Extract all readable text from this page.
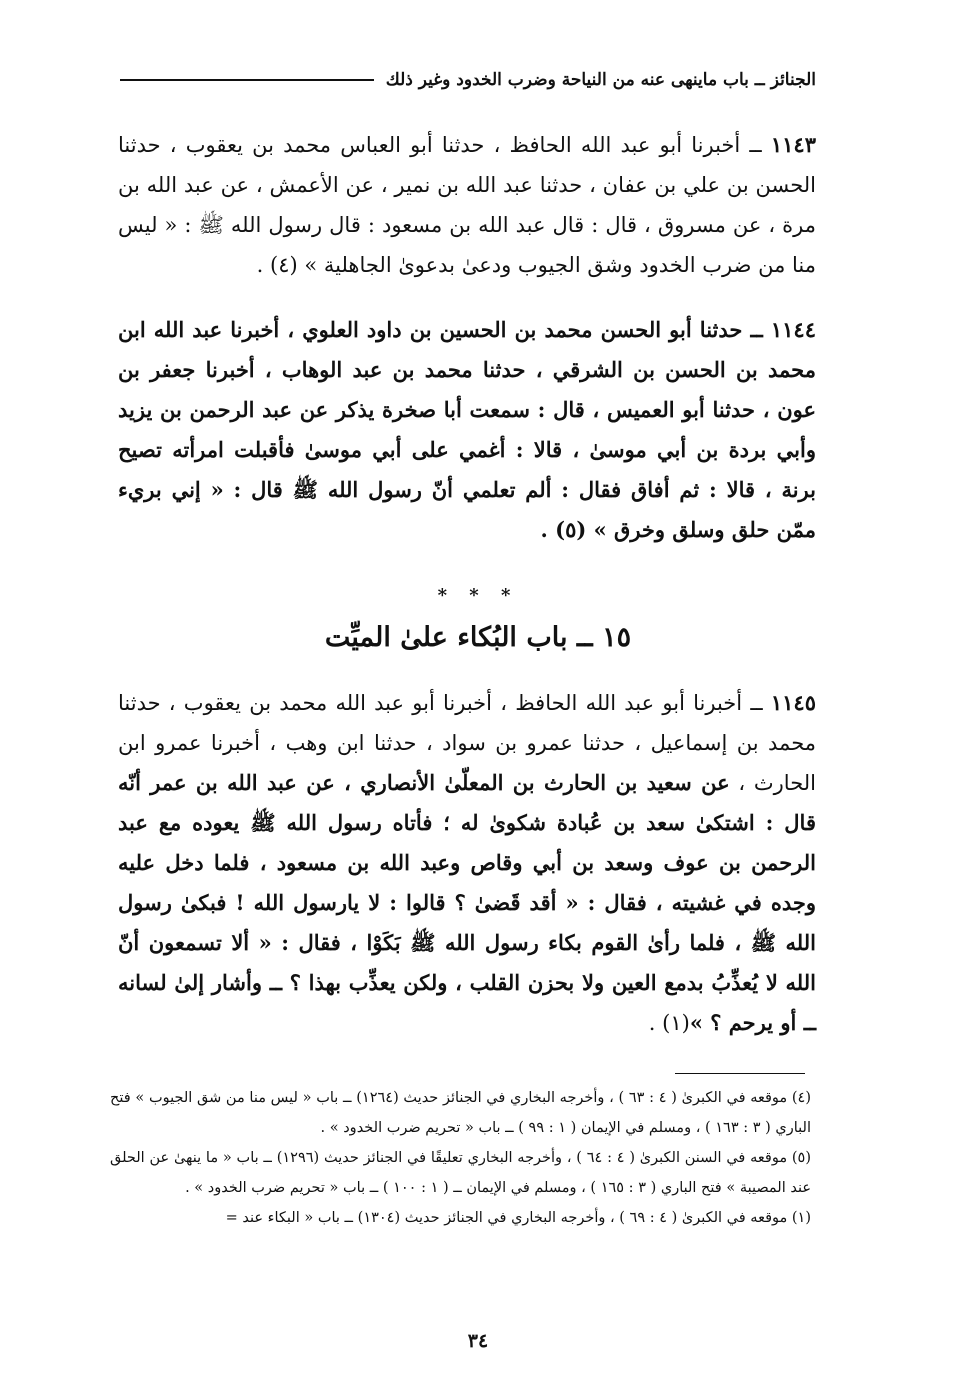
الجنائز ــ باب ماينهى عنه من النياحة وضرب الخدود وغير ذلك

١١٤٣ ــ أخبرنا أبو عبد الله الحافظ ، حدثنا أبو العباس محمد بن يعقوب ، حدثنا الحسن بن علي بن عفان ، حدثنا عبد الله بن نمير ، عن الأعمش ، عن عبد الله بن مرة ، عن مسروق ، قال : قال عبد الله بن مسعود : قال رسول الله ﷺ : « ليس منا من ضرب الخدود وشق الجيوب ودعىٰ بدعوىٰ الجاهلية » (٤) .

١١٤٤ ــ حدثنا أبو الحسن محمد بن الحسين بن داود العلوي ، أخبرنا عبد الله ابن محمد بن الحسن بن الشرقي ، حدثنا محمد بن عبد الوهاب ، أخبرنا جعفر بن عون ، حدثنا أبو العميس ، قال : سمعت أبا صخرة يذكر عن عبد الرحمن بن يزيد وأبي بردة بن أبي موسىٰ ، قالا : أغمي على أبي موسىٰ فأقبلت امرأته تصيح برنة ، قالا : ثم أفاق فقال : ألم تعلمي أنّ رسول الله ﷺ قال : « إني بريء ممّن حلق وسلق وخرق » (٥) .

* * *
١٥ ــ باب البُكاء علىٰ الميِّت

١١٤٥ ــ أخبرنا أبو عبد الله الحافظ ، أخبرنا أبو عبد الله محمد بن يعقوب ، حدثنا محمد بن إسماعيل ، حدثنا عمرو بن سواد ، حدثنا ابن وهب ، أخبرنا عمرو ابن الحارث ، عن سعيد بن الحارث بن المعلّىٰ الأنصاري ، عن عبد الله بن عمر أنّه قال : اشتكىٰ سعد بن عُبادة شكوىٰ له ؛ فأتاه رسول الله ﷺ يعوده مع عبد الرحمن بن عوف وسعد بن أبي وقاص وعبد الله بن مسعود ، فلما دخل عليه وجده في غشيته ، فقال : « أقد قَضىٰ ؟ قالوا : لا يارسول الله ! فبكىٰ رسول الله ﷺ ، فلما رأىٰ القوم بكاء رسول الله ﷺ بَكَوْا ، فقال : « ألا تسمعون أنّ الله لا يُعذِّبُ بدمع العين ولا بحزن القلب ، ولكن يعذِّب بهذا ؟ ــ وأشار إلىٰ لسانه ــ أو يرحم ؟ »(١) .

(٤) موقعه في الكبرىٰ ( ٤ : ٦٣ ) ، وأخرجه البخاري في الجنائز حديث (١٢٦٤) ــ باب « ليس منا من شق الجيوب » فتح الباري ( ٣ : ١٦٣ ) ، ومسلم في الإيمان ( ١ : ٩٩ ) ــ باب « تحريم ضرب الخدود » .

(٥) موقعه في السنن الكبرىٰ ( ٤ : ٦٤ ) ، وأخرجه البخاري تعليقًا في الجنائز حديث (١٢٩٦) ــ باب « ما ينهىٰ عن الحلق عند المصيبة » فتح الباري ( ٣ : ١٦٥ ) ، ومسلم في الإيمان ــ ( ١ : ١٠٠ ) ــ باب « تحريم ضرب الخدود » .

(١) موقعه في الكبرىٰ ( ٤ : ٦٩ ) ، وأخرجه البخاري في الجنائز حديث (١٣٠٤) ــ باب « البكاء عند =

٣٤
